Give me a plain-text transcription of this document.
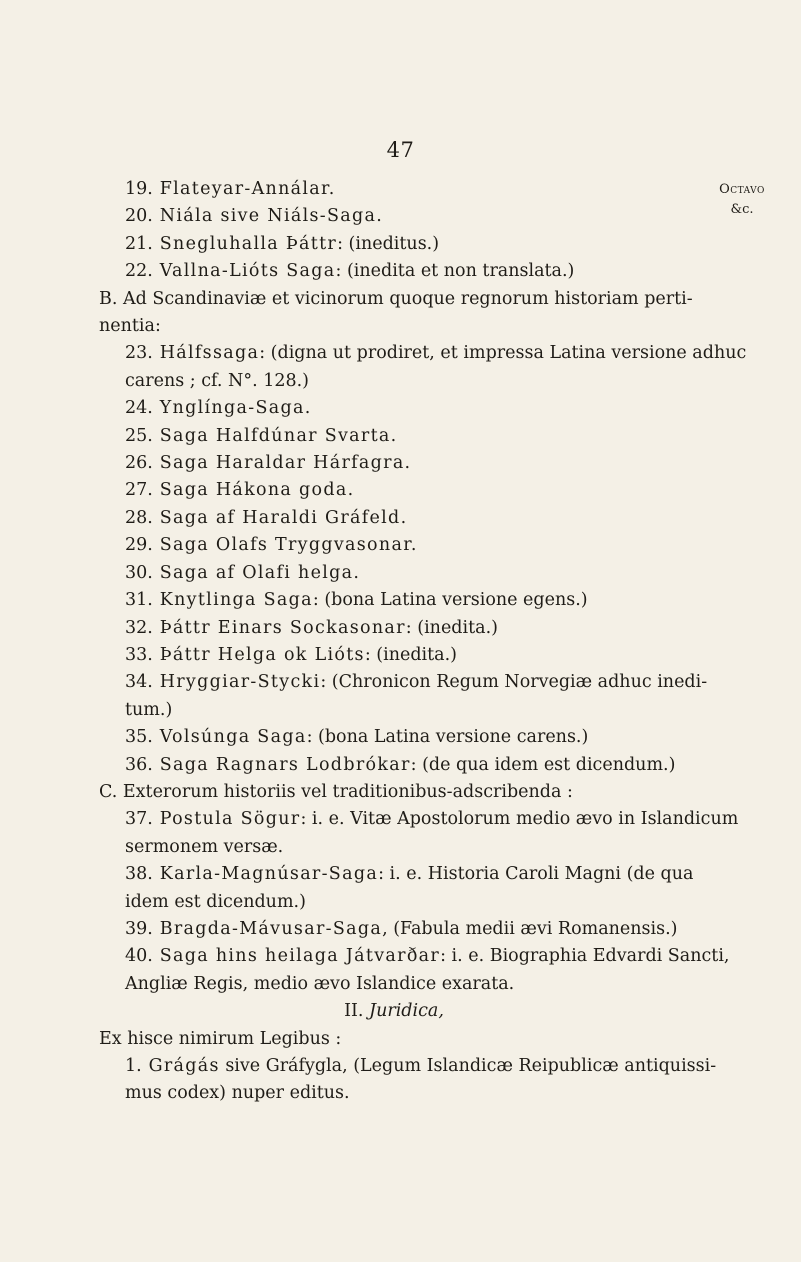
47
Octavo
&c.
19. Flateyar-Annálar.
20. Niála sive Niáls-Saga.
21. Snegluhalla Þáttr: (ineditus.)
22. Vallna-Lióts Saga: (inedita et non translata.)
B. Ad Scandinaviæ et vicinorum quoque regnorum historiam perti-
nentia:
23. Hálfssaga: (digna ut prodiret, et impressa Latina versione adhuc
carens ; cf. N°. 128.)
24. Ynglínga-Saga.
25. Saga Halfdúnar Svarta.
26. Saga Haraldar Hárfagra.
27. Saga Hákona goda.
28. Saga af Haraldi Gráfeld.
29. Saga Olafs Tryggvasonar.
30. Saga af Olafi helga.
31. Knytlinga Saga: (bona Latina versione egens.)
32. Þáttr Einars Sockasonar: (inedita.)
33. Þáttr Helga ok Lióts: (inedita.)
34. Hryggiar-Stycki: (Chronicon Regum Norvegiæ adhuc inedi-
tum.)
35. Volsúnga Saga: (bona Latina versione carens.)
36. Saga Ragnars Lodbrókar: (de qua idem est dicendum.)
C. Exterorum historiis vel traditionibus-adscribenda :
37. Postula Sögur: i. e. Vitæ Apostolorum medio ævo in Islandicum
sermonem versæ.
38. Karla-Magnúsar-Saga: i. e. Historia Caroli Magni (de qua
idem est dicendum.)
39. Bragda-Mávusar-Saga, (Fabula medii ævi Romanensis.)
40. Saga hins heilaga Játvarðar: i. e. Biographia Edvardi Sancti,
Angliæ Regis, medio ævo Islandice exarata.
II. Juridica,
Ex hisce nimirum Legibus :
1. Grágás sive Gráfygla, (Legum Islandicæ Reipublicæ antiquissi-
mus codex) nuper editus.
